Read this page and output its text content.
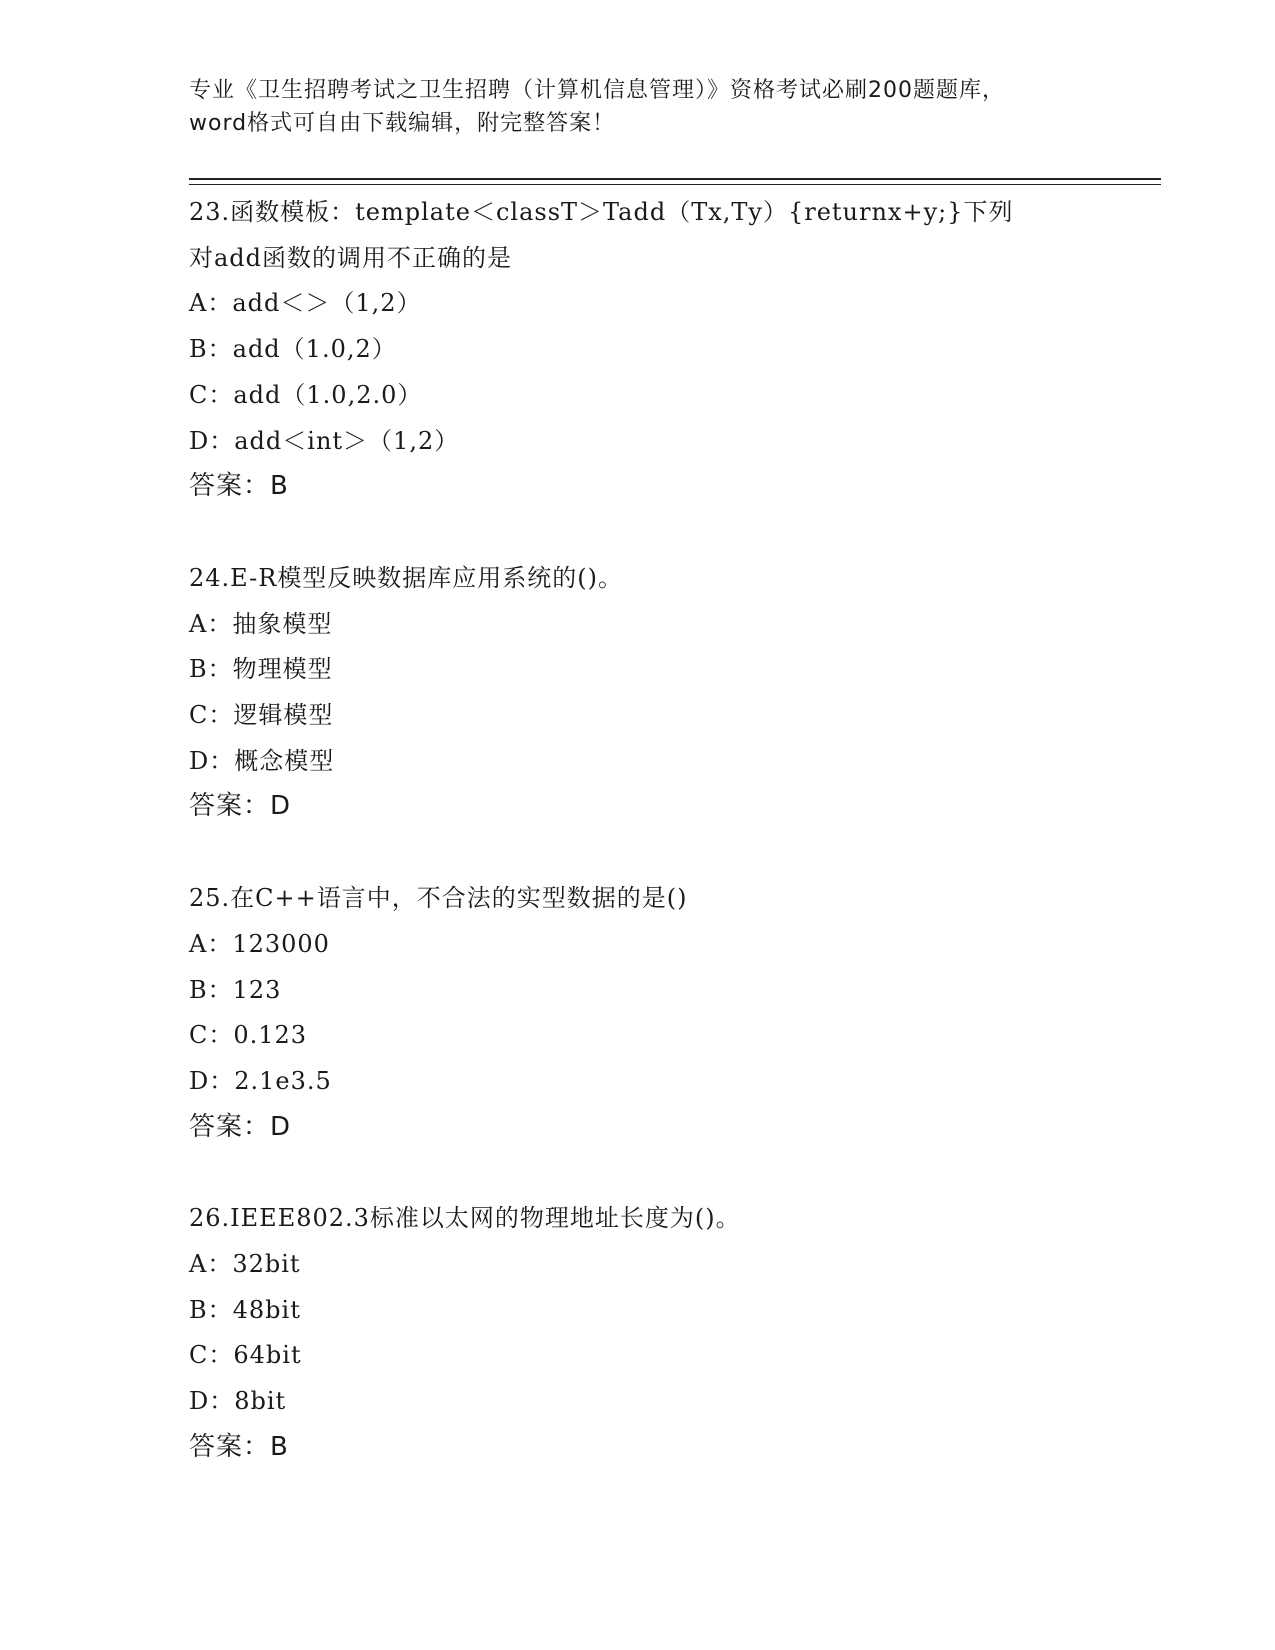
专业《卫生招聘考试之卫生招聘（计算机信息管理）》资格考试必刷200题题库，
word格式可自由下载编辑，附完整答案！
23.函数模板：template＜classT＞Tadd（Tx,Ty）{returnx+y;}下列
对add函数的调用不正确的是
A：add＜＞（1,2）
B：add（1.0,2）
C：add（1.0,2.0）
D：add＜int＞（1,2）
答案：B
24.E-R模型反映数据库应用系统的()。
A：抽象模型
B：物理模型
C：逻辑模型
D：概念模型
答案：D
25.在C++语言中，不合法的实型数据的是()
A：123000
B：123
C：0.123
D：2.1e3.5
答案：D
26.IEEE802.3标准以太网的物理地址长度为()。
A：32bit
B：48bit
C：64bit
D：8bit
答案：B
